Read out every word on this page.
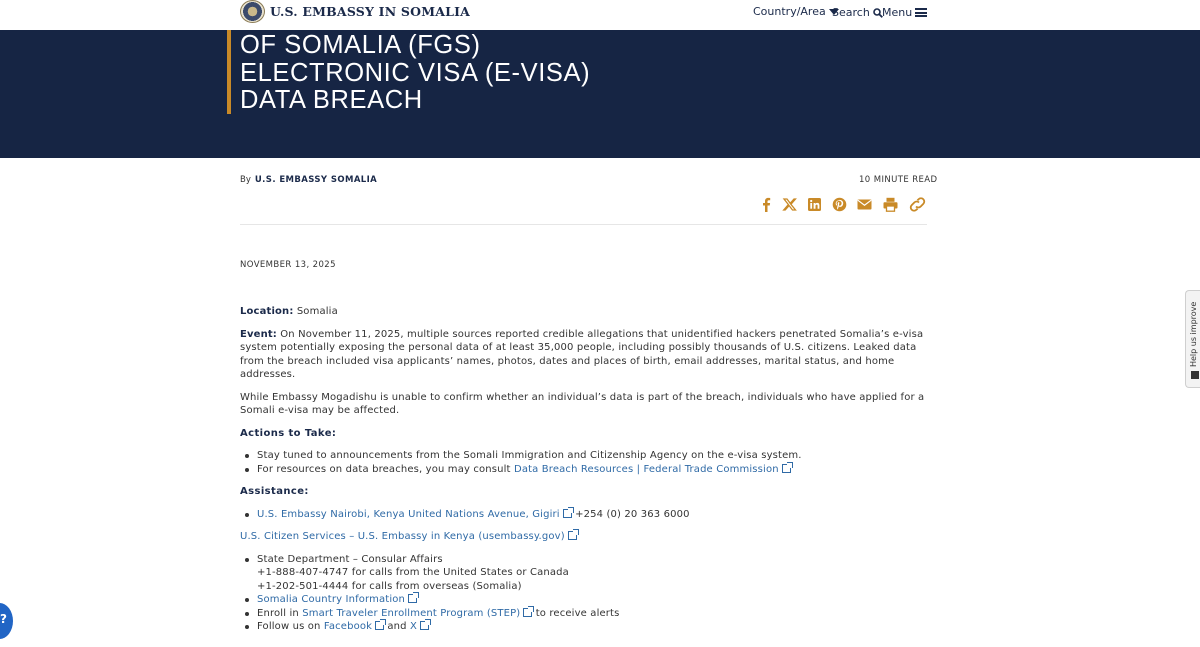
U.S. EMBASSY IN SOMALIA	Country/Area Search Menu
OF SOMALIA (FGS)
ELECTRONIC VISA (E-VISA)
DATA BREACH
By U.S. EMBASSY SOMALIA	10 MINUTE READ
NOVEMBER 13, 2025

Location: Somalia

Event: On November 11, 2025, multiple sources reported credible allegations that unidentified hackers penetrated Somalia’s e-visa system potentially exposing the personal data of at least 35,000 people, including possibly thousands of U.S. citizens. Leaked data from the breach included visa applicants’ names, photos, dates and places of birth, email addresses, marital status, and home addresses.

While Embassy Mogadishu is unable to confirm whether an individual’s data is part of the breach, individuals who have applied for a Somali e-visa may be affected.

Actions to Take:
Stay tuned to announcements from the Somali Immigration and Citizenship Agency on the e-visa system.
For resources on data breaches, you may consult Data Breach Resources | Federal Trade Commission
Assistance:
U.S. Embassy Nairobi, Kenya United Nations Avenue, Gigiri +254 (0) 20 363 6000

U.S. Citizen Services – U.S. Embassy in Kenya (usembassy.gov)

State Department – Consular Affairs
+1-888-407-4747 for calls from the United States or Canada
+1-202-501-4444 for calls from overseas (Somalia)
Somalia Country Information
Enroll in Smart Traveler Enrollment Program (STEP) to receive alerts
Follow us on Facebook and X
Help us improve
?
